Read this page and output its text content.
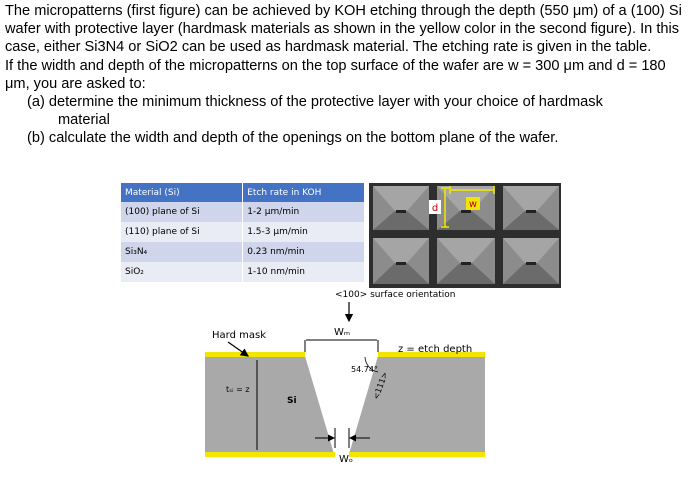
The micropatterns (first figure) can be achieved by KOH etching through the depth (550 μm) of a (100) Si wafer with protective layer (hardmask materials as shown in the yellow color in the second figure). In this case, either Si3N4 or SiO2 can be used as hardmask material. The etching rate is given in the table.

If the width and depth of the micropatterns on the top surface of the wafer are w = 300 μm and d = 180 μm, you are asked to:

(a) determine the minimum thickness of the protective layer with your choice of hardmask

material

(b) calculate the width and depth of the openings on the bottom plane of the wafer.

Material (Si)	Etch rate in KOH
(100) plane of Si	1-2 μm/min
(110) plane of Si	1.5-3 μm/min
Si₃N₄	0.23 nm/min
SiO₂	1-10 nm/min
d	w
<100> surface orientation
Hard mask	Wₘ
z = etch depth
54.74°
<111>
tₛᵢ = z
Si
Wₒ
